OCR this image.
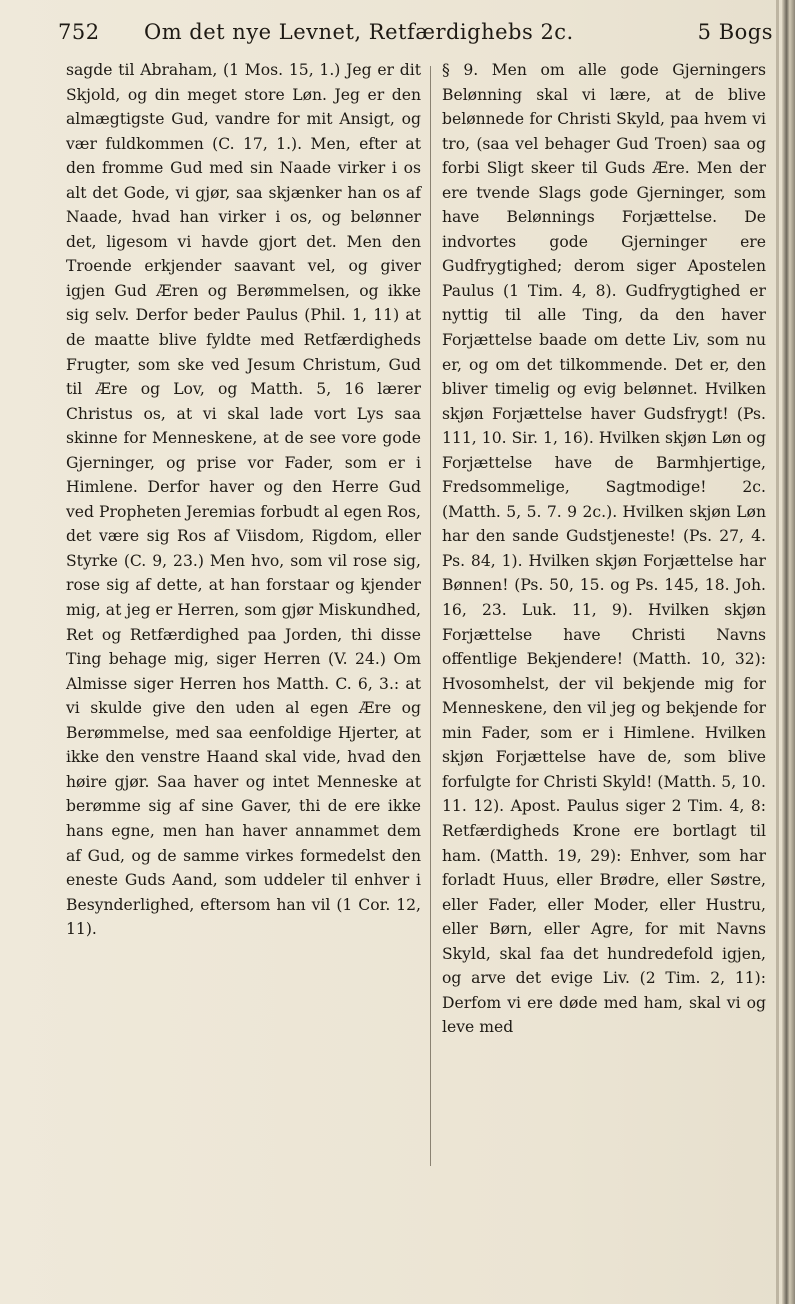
752 Om det nye Levnet, Retfærdighebs 2c.	5 Bogs

sagde til Abraham, (1 Mos. 15, 1.) Jeg er dit Skjold, og din meget store Løn. Jeg er den almægtigste Gud, vandre for mit Ansigt, og vær fuldkommen (C. 17, 1.). Men, efter at den fromme Gud med sin Naade virker i os alt det Gode, vi gjør, saa skjænker han os af Naade, hvad han virker i os, og belønner det, ligesom vi havde gjort det. Men den Troende erkjender saavant vel, og giver igjen Gud Æren og Berømmelsen, og ikke sig selv. Derfor beder Paulus (Phil. 1, 11) at de maatte blive fyldte med Retfærdigheds Frugter, som ske ved Jesum Christum, Gud til Ære og Lov, og Matth. 5, 16 lærer Christus os, at vi skal lade vort Lys saa skinne for Menneskene, at de see vore gode Gjerninger, og prise vor Fader, som er i Himlene. Derfor haver og den Herre Gud ved Propheten Jeremias forbudt al egen Ros, det være sig Ros af Viisdom, Rigdom, eller Styrke (C. 9, 23.) Men hvo, som vil rose sig, rose sig af dette, at han forstaar og kjender mig, at jeg er Herren, som gjør Miskundhed, Ret og Retfærdighed paa Jorden, thi disse Ting behage mig, siger Herren (V. 24.) Om Almisse siger Herren hos Matth. C. 6, 3.: at vi skulde give den uden al egen Ære og Berømmelse, med saa eenfoldige Hjerter, at ikke den venstre Haand skal vide, hvad den høire gjør. Saa haver og intet Menneske at berømme sig af sine Gaver, thi de ere ikke hans egne, men han haver annammet dem af Gud, og de samme virkes formedelst den eneste Guds Aand, som uddeler til enhver i Besynderlighed, eftersom han vil (1 Cor. 12, 11).

§ 9. Men om alle gode Gjerningers Belønning skal vi lære, at de blive belønnede for Christi Skyld, paa hvem vi tro, (saa vel behager Gud Troen) saa og forbi Sligt skeer til Guds Ære. Men der ere tvende Slags gode Gjerninger, som have Belønnings Forjættelse. De indvortes gode Gjerninger ere Gudfrygtighed; derom siger Apostelen Paulus (1 Tim. 4, 8). Gudfrygtighed er nyttig til alle Ting, da den haver Forjættelse baade om dette Liv, som nu er, og om det tilkommende. Det er, den bliver timelig og evig belønnet. Hvilken skjøn Forjættelse haver Gudsfrygt! (Ps. 111, 10. Sir. 1, 16). Hvilken skjøn Løn og Forjættelse have de Barmhjertige, Fredsommelige, Sagtmodige! 2c. (Matth. 5, 5. 7. 9 2c.). Hvilken skjøn Løn har den sande Gudstjeneste! (Ps. 27, 4. Ps. 84, 1). Hvilken skjøn Forjættelse har Bønnen! (Ps. 50, 15. og Ps. 145, 18. Joh. 16, 23. Luk. 11, 9). Hvilken skjøn Forjættelse have Christi Navns offentlige Bekjendere! (Matth. 10, 32): Hvosomhelst, der vil bekjende mig for Menneskene, den vil jeg og bekjende for min Fader, som er i Himlene. Hvilken skjøn Forjættelse have de, som blive forfulgte for Christi Skyld! (Matth. 5, 10. 11. 12). Apost. Paulus siger 2 Tim. 4, 8: Retfærdigheds Krone ere bortlagt til ham. (Matth. 19, 29): Enhver, som har forladt Huus, eller Brødre, eller Søstre, eller Fader, eller Moder, eller Hustru, eller Børn, eller Agre, for mit Navns Skyld, skal faa det hundredefold igjen, og arve det evige Liv. (2 Tim. 2, 11): Derfom vi ere døde med ham, skal vi og leve med
